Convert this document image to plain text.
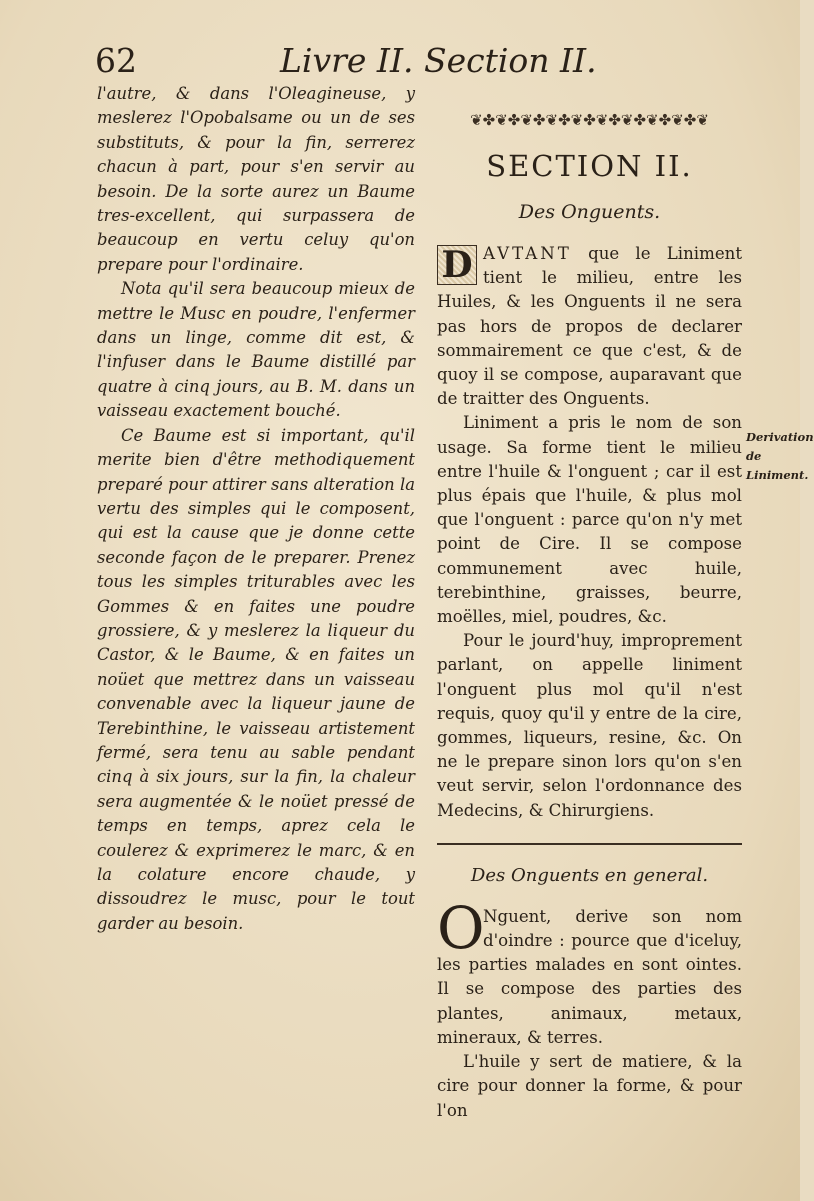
62	Livre II. Section II.

l'autre, & dans l'Oleagineuse, y meslerez l'Opobalsame ou un de ses substituts, & pour la fin, serrerez chacun à part, pour s'en servir au besoin. De la sorte aurez un Baume tres-excellent, qui surpassera de beaucoup en vertu celuy qu'on prepare pour l'ordinaire.

Nota qu'il sera beaucoup mieux de mettre le Musc en poudre, l'enfermer dans un linge, comme dit est, & l'infuser dans le Baume distillé par quatre à cinq jours, au B. M. dans un vaisseau exactement bouché.

Ce Baume est si important, qu'il merite bien d'être methodiquement preparé pour attirer sans alteration la vertu des simples qui le composent, qui est la cause que je donne cette seconde façon de le preparer. Prenez tous les simples triturables avec les Gommes & en faites une poudre grossiere, & y meslerez la liqueur du Castor, & le Baume, & en faites un noüet que mettrez dans un vaisseau convenable avec la liqueur jaune de Terebinthine, le vaisseau artistement fermé, sera tenu au sable pendant cinq à six jours, sur la fin, la chaleur sera augmentée & le noüet pressé de temps en temps, aprez cela le coulerez & exprimerez le marc, & en la colature encore chaude, y dissoudrez le musc, pour le tout garder au besoin.

❦✤❦✤❦✤❦✤❦✤❦✤❦✤❦✤❦✤❦
SECTION II.
Des Onguents.

D AVTANT que le Liniment tient le milieu, entre les Huiles, & les Onguents il ne sera pas hors de propos de declarer sommairement ce que c'est, & de quoy il se compose, auparavant que de traitter des Onguents.

Liniment a pris le nom de son usage. Sa forme tient le milieu entre l'huile & l'onguent ; car il est plus épais que l'huile, & plus mol que l'onguent : parce qu'on n'y met point de Cire. Il se compose communement avec huile, terebinthine, graisses, beurre, moëlles, miel, poudres, &c.

Pour le jourd'huy, improprement parlant, on appelle liniment l'onguent plus mol qu'il n'est requis, quoy qu'il y entre de la cire, gommes, liqueurs, resine, &c. On ne le prepare sinon lors qu'on s'en veut servir, selon l'ordonnance des Medecins, & Chirurgiens.

Des Onguents en general.

O
Nguent, derive son nom d'oindre : pource que d'iceluy, les parties malades en sont ointes. Il se compose des parties des plantes, animaux, metaux, mineraux, & terres.

L'huile y sert de matiere, & la cire pour donner la forme, & pour l'on

Derivation de Liniment.
